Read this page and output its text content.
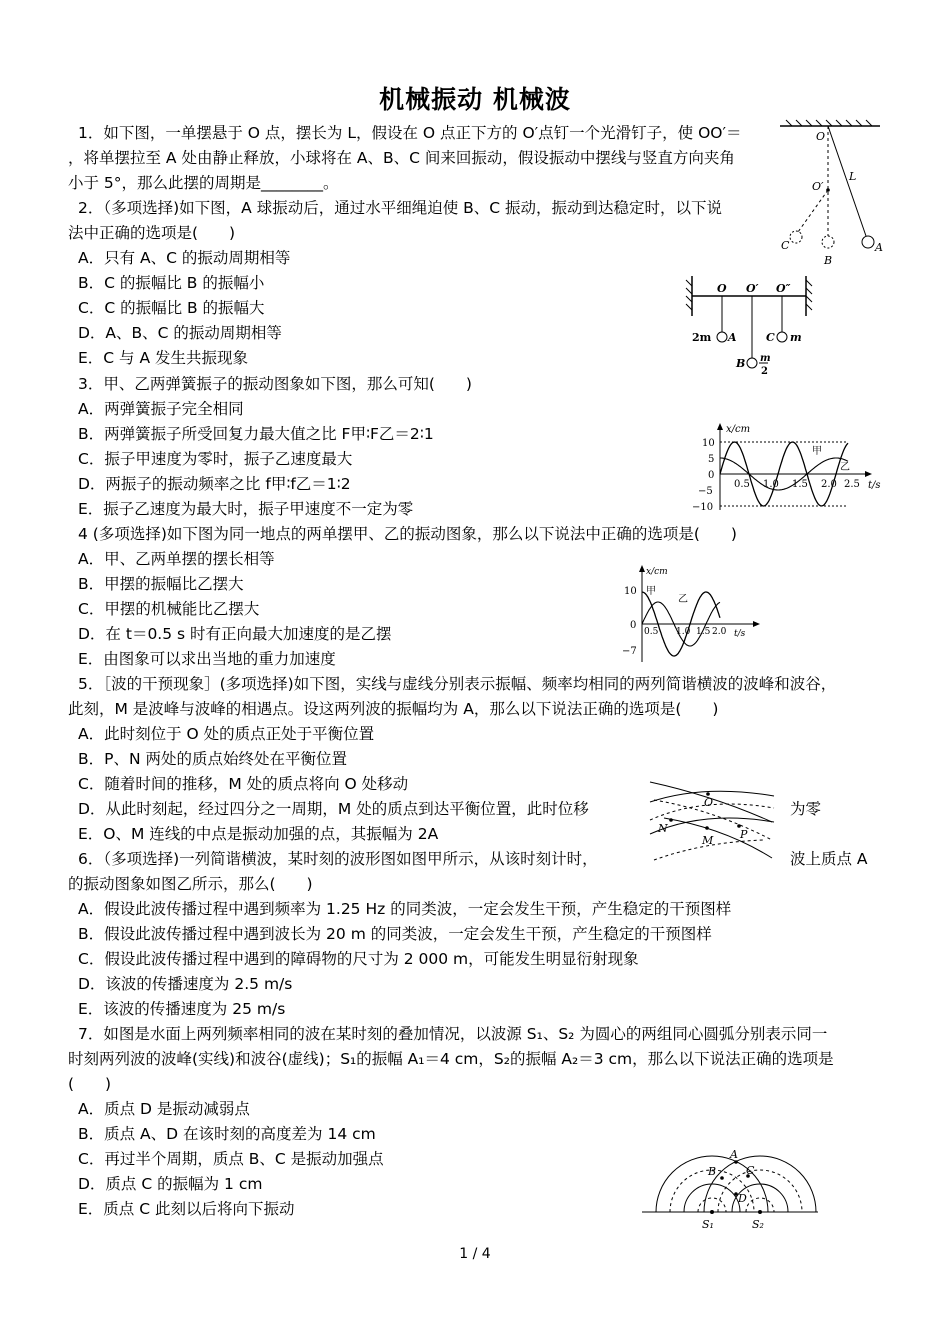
机械振动 机械波
1．如下图，一单摆悬于 O 点，摆长为 L，假设在 O 点正下方的 O′点钉一个光滑钉子，使 OO′＝
，将单摆拉至 A 处由静止释放，小球将在 A、B、C 间来回振动，假设振动中摆线与竖直方向夹角
小于 5°，那么此摆的周期是________。
2．（多项选择)如下图，A 球振动后，通过水平细绳迫使 B、C 振动，振动到达稳定时，以下说
法中正确的选项是(　　)
A．只有 A、C 的振动周期相等
B．C 的振幅比 B 的振幅小
C．C 的振幅比 B 的振幅大
D．A、B、C 的振动周期相等
E．C 与 A 发生共振现象
3．甲、乙两弹簧振子的振动图象如下图，那么可知(　　)
A．两弹簧振子完全相同
B．两弹簧振子所受回复力最大值之比 F甲∶F乙＝2∶1
C．振子甲速度为零时，振子乙速度最大
D．两振子的振动频率之比 f甲∶f乙＝1∶2
E．振子乙速度为最大时，振子甲速度不一定为零
4 (多项选择)如下图为同一地点的两单摆甲、乙的振动图象，那么以下说法中正确的选项是(　　)
A．甲、乙两单摆的摆长相等
B．甲摆的振幅比乙摆大
C．甲摆的机械能比乙摆大
D．在 t＝0.5 s 时有正向最大加速度的是乙摆
E．由图象可以求出当地的重力加速度
5．［波的干预现象］(多项选择)如下图，实线与虚线分别表示振幅、频率均相同的两列简谐横波的波峰和波谷，
此刻，M 是波峰与波峰的相遇点。设这两列波的振幅均为 A，那么以下说法正确的选项是(　　)
A．此时刻位于 O 处的质点正处于平衡位置
B．P、N 两处的质点始终处在平衡位置
C．随着时间的推移，M 处的质点将向 O 处移动
D．从此时刻起，经过四分之一周期，M 处的质点到达平衡位置，此时位移	为零
E．O、M 连线的中点是振动加强的点，其振幅为 2A
6．（多项选择)一列简谐横波，某时刻的波形图如图甲所示，从该时刻计时，	波上质点 A
的振动图象如图乙所示，那么(　　)
A．假设此波传播过程中遇到频率为 1.25 Hz 的同类波，一定会发生干预，产生稳定的干预图样
B．假设此波传播过程中遇到波长为 20 m 的同类波，一定会发生干预，产生稳定的干预图样
C．假设此波传播过程中遇到的障碍物的尺寸为 2 000 m，可能发生明显衍射现象
D．该波的传播速度为 2.5 m/s
E．该波的传播速度为 25 m/s
7．如图是水面上两列频率相同的波在某时刻的叠加情况，以波源 S₁、S₂ 为圆心的两组同心圆弧分别表示同一
时刻两列波的波峰(实线)和波谷(虚线)；S₁的振幅 A₁＝4 cm，S₂的振幅 A₂＝3 cm，那么以下说法正确的选项是
(　　)
A．质点 D 是振动减弱点
B．质点 A、D 在该时刻的高度差为 14 cm
C．再过半个周期，质点 B、C 是振动加强点
D．质点 C 的振幅为 1 cm
E．质点 C 此刻以后将向下振动
O
O′
L
A
B
C
O O′ O″
2m A
B m
2
C m
x/cm
t/s
10
5
0
−5
−10
0.5 1.0 1.5 2.0 2.5
甲
乙
x/cm
t/s
10
0
−7
0.5 1.0 1.5 2.0
甲
乙
O
N
M P
A
B	C
D
S₁	S₂
1 / 4
